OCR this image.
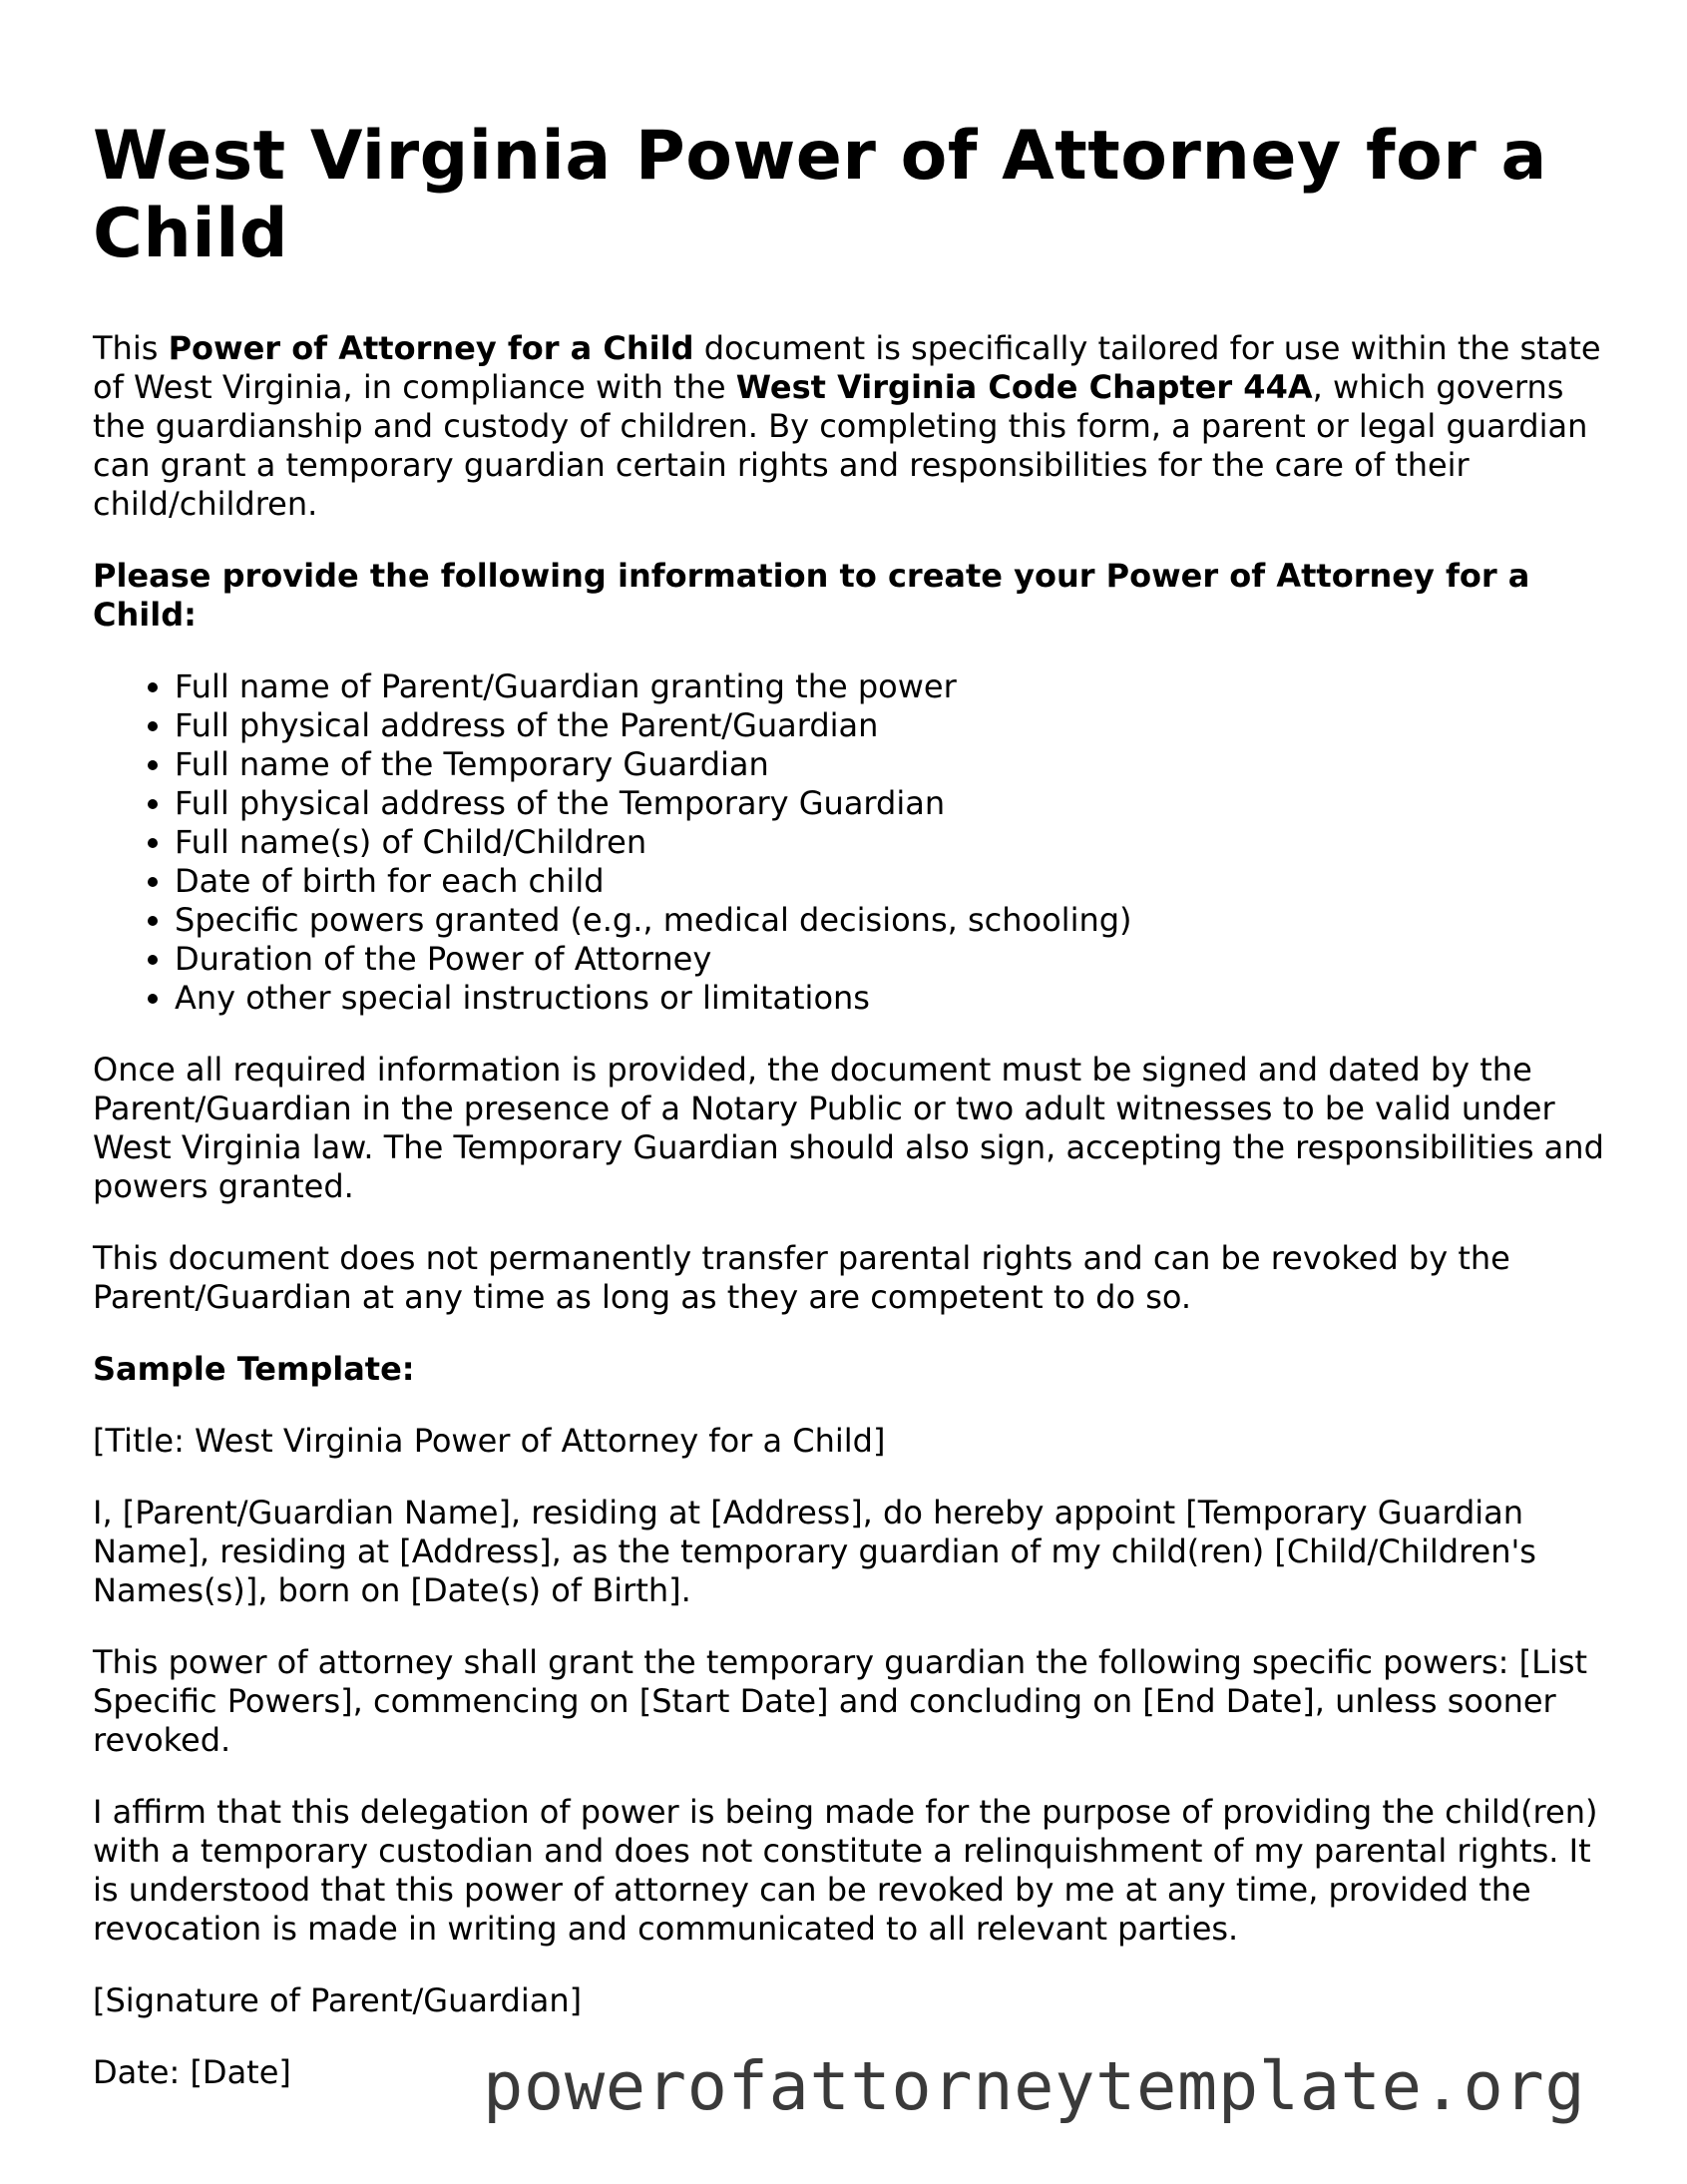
West Virginia Power of Attorney for a Child

This Power of Attorney for a Child document is specifically tailored for use within the state of West Virginia, in compliance with the West Virginia Code Chapter 44A, which governs the guardianship and custody of children. By completing this form, a parent or legal guardian can grant a temporary guardian certain rights and responsibilities for the care of their child/children.

Please provide the following information to create your Power of Attorney for a Child:

• Full name of Parent/Guardian granting the power
• Full physical address of the Parent/Guardian
• Full name of the Temporary Guardian
• Full physical address of the Temporary Guardian
• Full name(s) of Child/Children
• Date of birth for each child
• Specific powers granted (e.g., medical decisions, schooling)
• Duration of the Power of Attorney
• Any other special instructions or limitations

Once all required information is provided, the document must be signed and dated by the Parent/Guardian in the presence of a Notary Public or two adult witnesses to be valid under West Virginia law. The Temporary Guardian should also sign, accepting the responsibilities and powers granted.

This document does not permanently transfer parental rights and can be revoked by the Parent/Guardian at any time as long as they are competent to do so.

Sample Template:

[Title: West Virginia Power of Attorney for a Child]

I, [Parent/Guardian Name], residing at [Address], do hereby appoint [Temporary Guardian Name], residing at [Address], as the temporary guardian of my child(ren) [Child/Children's Names(s)], born on [Date(s) of Birth].

This power of attorney shall grant the temporary guardian the following specific powers: [List Specific Powers], commencing on [Start Date] and concluding on [End Date], unless sooner revoked.

I affirm that this delegation of power is being made for the purpose of providing the child(ren) with a temporary custodian and does not constitute a relinquishment of my parental rights. It is understood that this power of attorney can be revoked by me at any time, provided the revocation is made in writing and communicated to all relevant parties.

[Signature of Parent/Guardian]

Date: [Date]	powerofattorneytemplate.org
